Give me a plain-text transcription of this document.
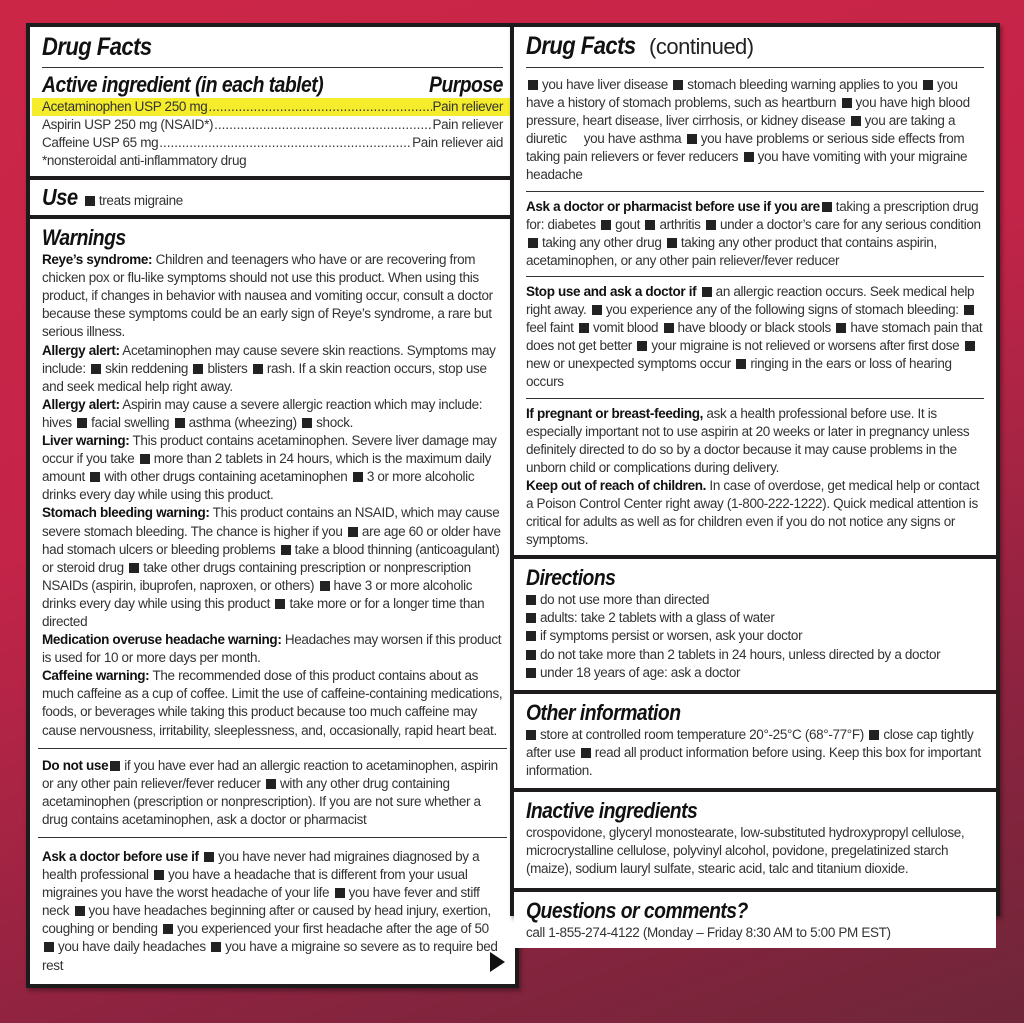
Drug Facts
Active ingredient (in each tablet)	Purpose
Acetaminophen USP 250 mg .....	Pain reliever
Aspirin USP 250 mg (NSAID*) .....	Pain reliever
Caffeine USP 65 mg .....	Pain reliever aid
*nonsteroidal anti-inflammatory drug
Use treats migraine
Warnings
Reye’s syndrome: Children and teenagers who have or are recovering from chicken pox or flu-like symptoms should not use this product. When using this product, if changes in behavior with nausea and vomiting occur, consult a doctor because these symptoms could be an early sign of Reye’s syndrome, a rare but serious illness.
Allergy alert: Acetaminophen may cause severe skin reactions. Symptoms may include: skin reddening blisters rash. If a skin reaction occurs, stop use and seek medical help right away.
Allergy alert: Aspirin may cause a severe allergic reaction which may include: hives facial swelling asthma (wheezing) shock.
Liver warning: This product contains acetaminophen. Severe liver damage may occur if you take more than 2 tablets in 24 hours, which is the maximum daily amount with other drugs containing acetaminophen 3 or more alcoholic drinks every day while using this product.
Stomach bleeding warning: This product contains an NSAID, which may cause severe stomach bleeding. The chance is higher if you are age 60 or older have had stomach ulcers or bleeding problems take a blood thinning (anticoagulant) or steroid drug take other drugs containing prescription or nonprescription NSAIDs (aspirin, ibuprofen, naproxen, or others) have 3 or more alcoholic drinks every day while using this product take more or for a longer time than directed
Medication overuse headache warning: Headaches may worsen if this product is used for 10 or more days per month.
Caffeine warning: The recommended dose of this product contains about as much caffeine as a cup of coffee. Limit the use of caffeine-containing medications, foods, or beverages while taking this product because too much caffeine may cause nervousness, irritability, sleeplessness, and, occasionally, rapid heart beat.
Do not use if you have ever had an allergic reaction to acetaminophen, aspirin or any other pain reliever/fever reducer with any other drug containing acetaminophen (prescription or nonprescription). If you are not sure whether a drug contains acetaminophen, ask a doctor or pharmacist
Ask a doctor before use if you have never had migraines diagnosed by a health professional you have a headache that is different from your usual migraines you have the worst headache of your life you have fever and stiff neck you have headaches beginning after or caused by head injury, exertion, coughing or bending you experienced your first headache after the age of 50 you have daily headaches you have a migraine so severe as to require bed rest
Drug Facts (continued)
you have liver disease stomach bleeding warning applies to you you have a history of stomach problems, such as heartburn you have high blood pressure, heart disease, liver cirrhosis, or kidney disease you are taking a diuretic you have asthma you have problems or serious side effects from taking pain relievers or fever reducers you have vomiting with your migraine headache
Ask a doctor or pharmacist before use if you are taking a prescription drug for: diabetes gout arthritis under a doctor’s care for any serious condition taking any other drug taking any other product that contains aspirin, acetaminophen, or any other pain reliever/fever reducer
Stop use and ask a doctor if an allergic reaction occurs. Seek medical help right away. you experience any of the following signs of stomach bleeding: feel faint vomit blood have bloody or black stools have stomach pain that does not get better your migraine is not relieved or worsens after first dose new or unexpected symptoms occur ringing in the ears or loss of hearing occurs
If pregnant or breast-feeding, ask a health professional before use. It is especially important not to use aspirin at 20 weeks or later in pregnancy unless definitely directed to do so by a doctor because it may cause problems in the unborn child or complications during delivery.
Keep out of reach of children. In case of overdose, get medical help or contact a Poison Control Center right away (1-800-222-1222). Quick medical attention is critical for adults as well as for children even if you do not notice any signs or symptoms.
Directions
do not use more than directed
adults: take 2 tablets with a glass of water
if symptoms persist or worsen, ask your doctor
do not take more than 2 tablets in 24 hours, unless directed by a doctor
under 18 years of age: ask a doctor
Other information
store at controlled room temperature 20°-25°C (68°-77°F) close cap tightly after use read all product information before using. Keep this box for important information.
Inactive ingredients
crospovidone, glyceryl monostearate, low-substituted hydroxypropyl cellulose, microcrystalline cellulose, polyvinyl alcohol, povidone, pregelatinized starch (maize), sodium lauryl sulfate, stearic acid, talc and titanium dioxide.
Questions or comments?
call 1-855-274-4122 (Monday – Friday 8:30 AM to 5:00 PM EST)
